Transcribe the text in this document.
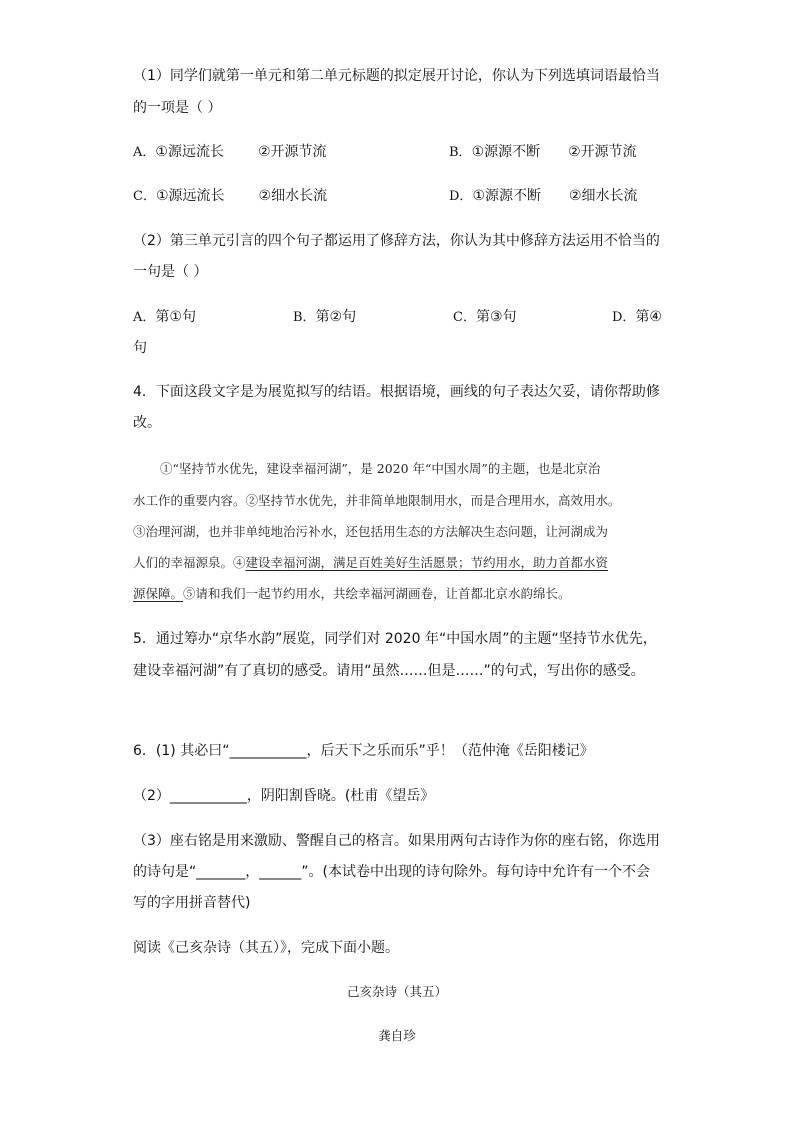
（1）同学们就第一单元和第二单元标题的拟定展开讨论，你认为下列选填词语最恰当
的一项是（ ）
A．①源远流长 ②开源节流	B．①源源不断 ②开源节流
C．①源远流长 ②细水长流	D．①源源不断 ②细水长流
（2）第三单元引言的四个句子都运用了修辞方法，你认为其中修辞方法运用不恰当的
一句是（ ）
A．第①句	B．第②句	C．第③句	D．第④
句
4．下面这段文字是为展览拟写的结语。根据语境，画线的句子表达欠妥，请你帮助修
改。
①“坚持节水优先，建设幸福河湖”，是 2020 年“中国水周”的主题，也是北京治
水工作的重要内容。②坚持节水优先，并非简单地限制用水，而是合理用水，高效用水。
③治理河湖，也并非单纯地治污补水，还包括用生态的方法解决生态问题，让河湖成为
人们的幸福源泉。④建设幸福河湖，满足百姓美好生活愿景；节约用水，助力首都水资
源保障。⑤请和我们一起节约用水，共绘幸福河湖画卷，让首都北京水韵绵长。
5．通过筹办“京华水韵”展览，同学们对 2020 年“中国水周”的主题“坚持节水优先，
建设幸福河湖”有了真切的感受。请用“虽然……但是……”的句式，写出你的感受。
6．(1) 其必曰“___________，后天下之乐而乐”乎！（范仲淹《岳阳楼记》
（2）___________，阴阳割昏晓。(杜甫《望岳》
（3）座右铭是用来激励、警醒自己的格言。如果用两句古诗作为你的座右铭，你选用
的诗句是“_______，______”。(本试卷中出现的诗句除外。每句诗中允许有一个不会
写的字用拼音替代)
阅读《己亥杂诗（其五）》，完成下面小题。
己亥杂诗（其五）
龚自珍
